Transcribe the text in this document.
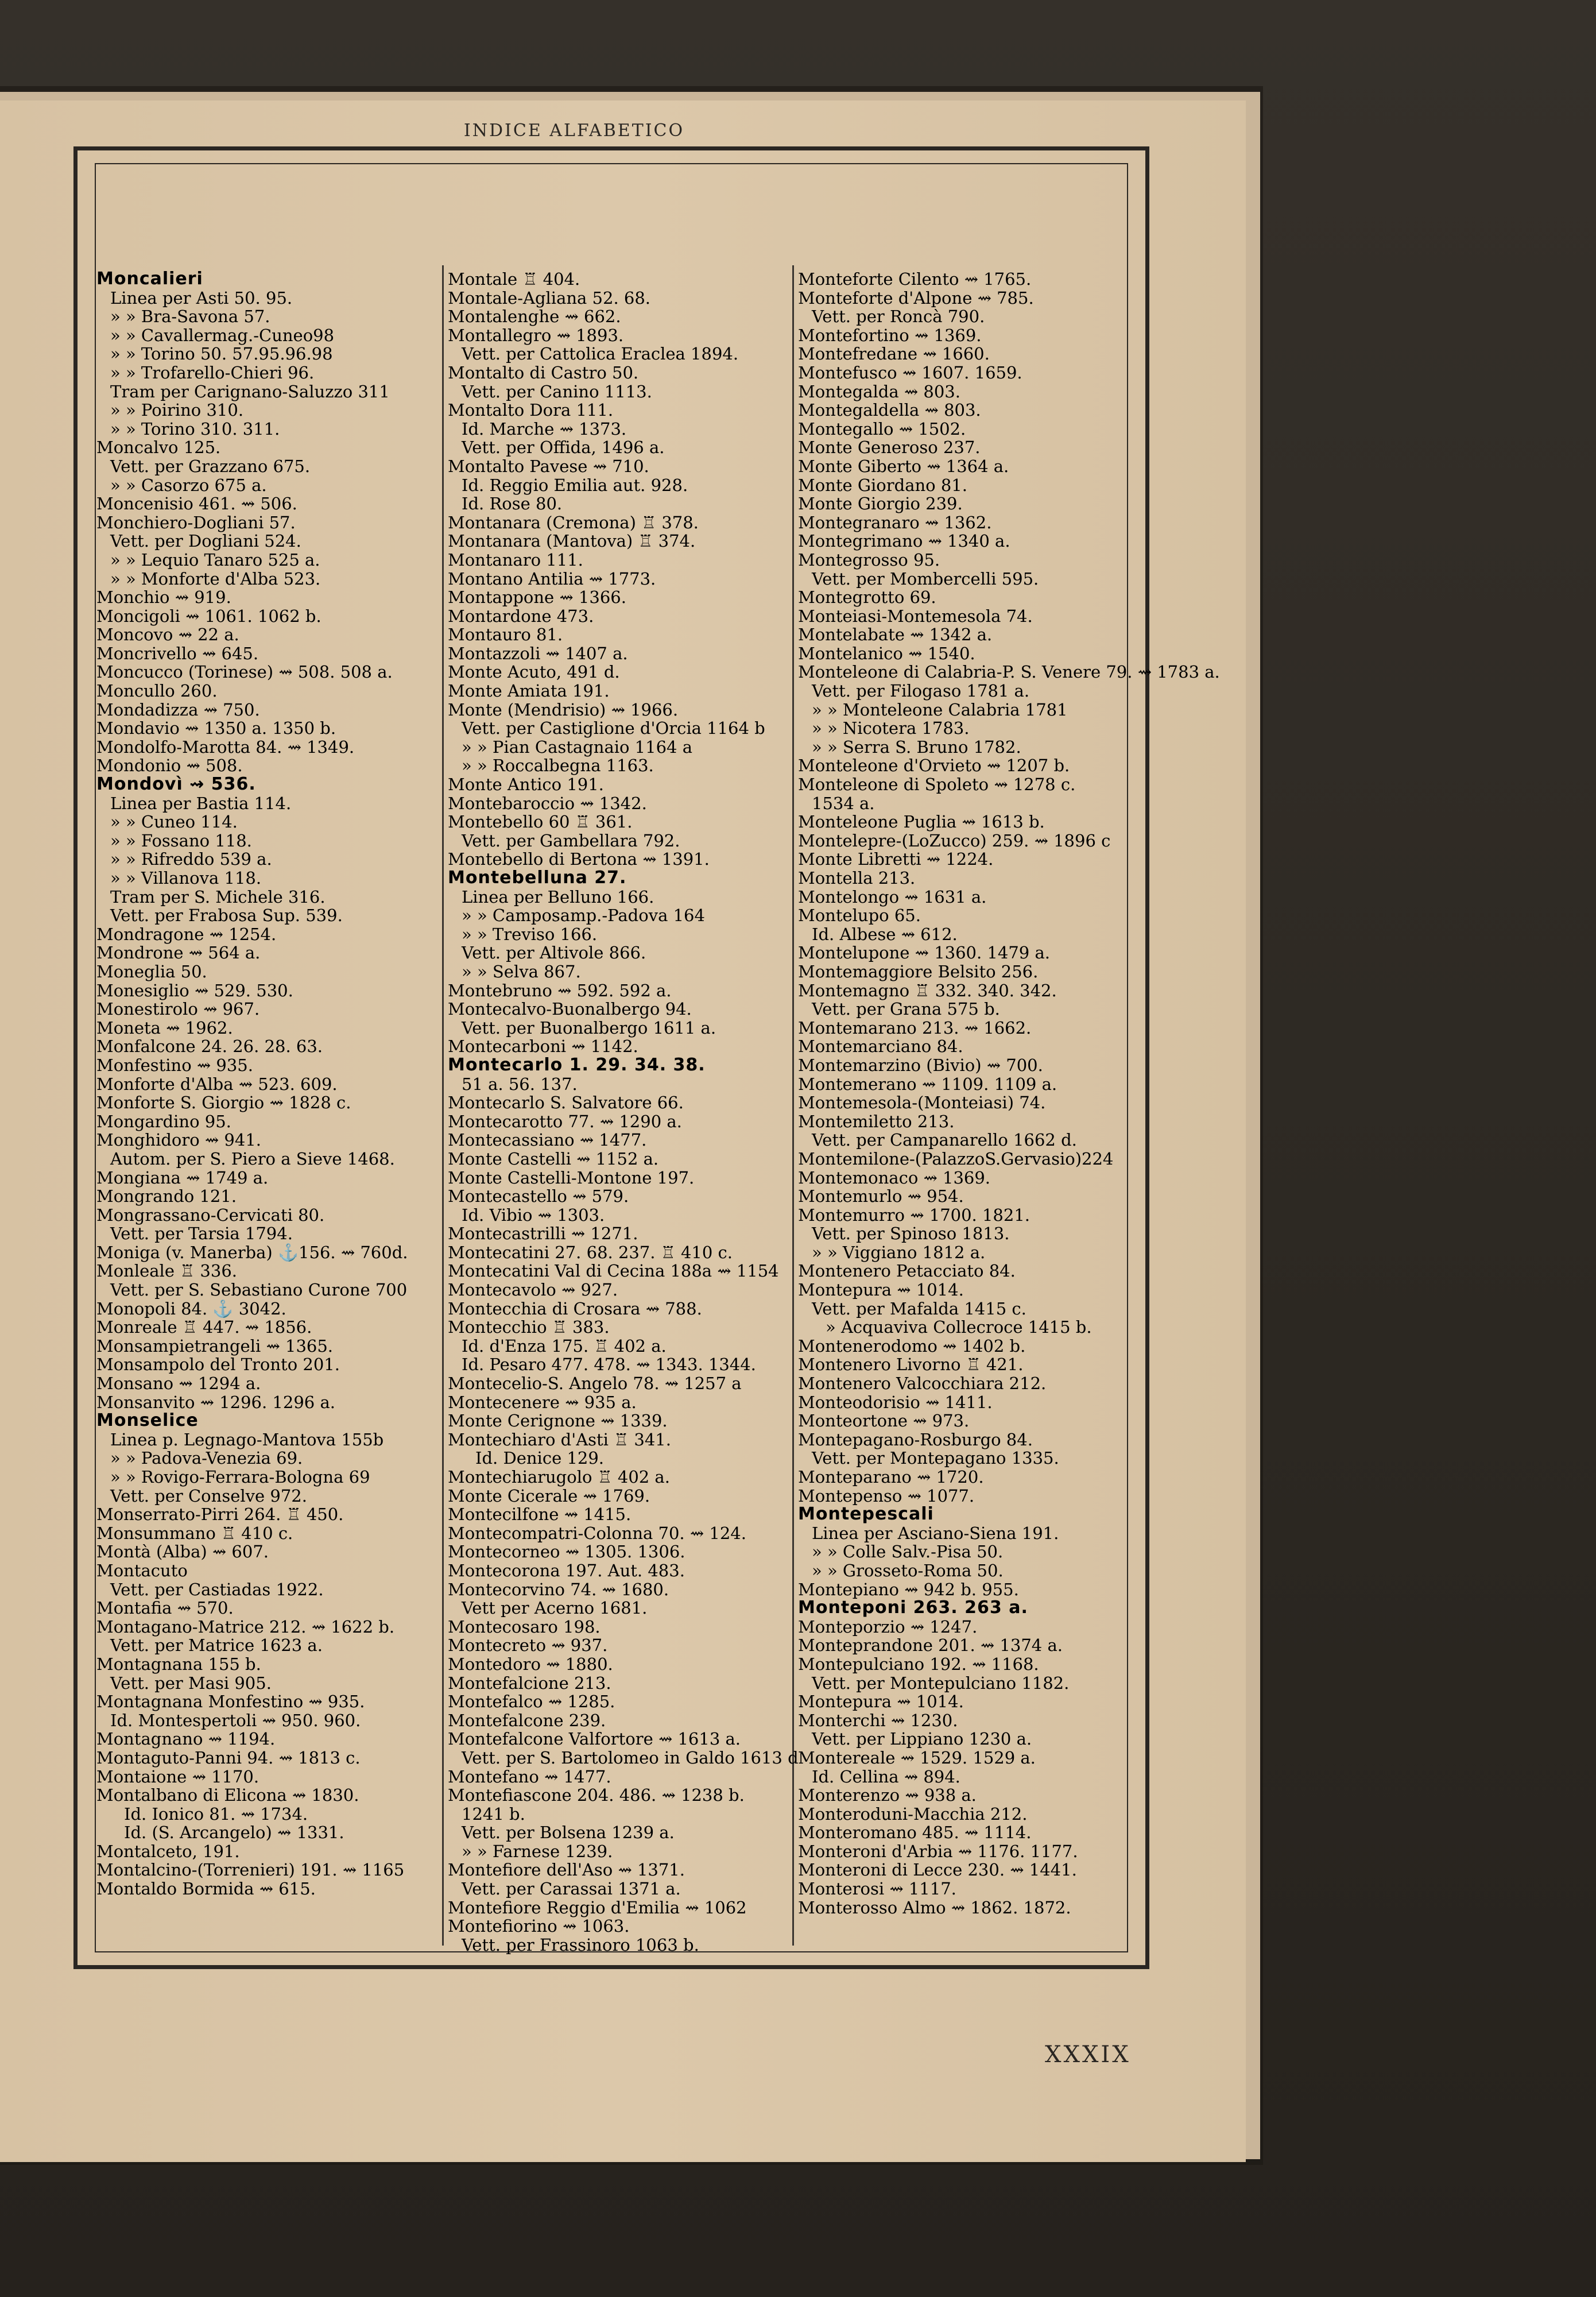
INDICE ALFABETICO
Moncalieri
Linea per Asti 50. 95.
» » Bra-Savona 57.
» » Cavallermag.-Cuneo98
» » Torino 50. 57.95.96.98
» » Trofarello-Chieri 96.
Tram per Carignano-Saluzzo 311
» » Poirino 310.
» » Torino 310. 311.
Moncalvo 125.
Vett. per Grazzano 675.
» » Casorzo 675 a.
Moncenisio 461. ⇝ 506.
Monchiero-Dogliani 57.
Vett. per Dogliani 524.
» » Lequio Tanaro 525 a.
» » Monforte d'Alba 523.
Monchio ⇝ 919.
Moncigoli ⇝ 1061. 1062 b.
Moncovo ⇝ 22 a.
Moncrivello ⇝ 645.
Moncucco (Torinese) ⇝ 508. 508 a.
Moncullo 260.
Mondadizza ⇝ 750.
Mondavio ⇝ 1350 a. 1350 b.
Mondolfo-Marotta 84. ⇝ 1349.
Mondonio ⇝ 508.
Mondovì ⇝ 536.
Linea per Bastia 114.
» » Cuneo 114.
» » Fossano 118.
» » Rifreddo 539 a.
» » Villanova 118.
Tram per S. Michele 316.
Vett. per Frabosa Sup. 539.
Mondragone ⇝ 1254.
Mondrone ⇝ 564 a.
Moneglia 50.
Monesiglio ⇝ 529. 530.
Monestirolo ⇝ 967.
Moneta ⇝ 1962.
Monfalcone 24. 26. 28. 63.
Monfestino ⇝ 935.
Monforte d'Alba ⇝ 523. 609.
Monforte S. Giorgio ⇝ 1828 c.
Mongardino 95.
Monghidoro ⇝ 941.
Autom. per S. Piero a Sieve 1468.
Mongiana ⇝ 1749 a.
Mongrando 121.
Mongrassano-Cervicati 80.
Vett. per Tarsia 1794.
Moniga (v. Manerba) ⚓156. ⇝ 760d.
Monleale ♖ 336.
Vett. per S. Sebastiano Curone 700
Monopoli 84. ⚓ 3042.
Monreale ♖ 447. ⇝ 1856.
Monsampietrangeli ⇝ 1365.
Monsampolo del Tronto 201.
Monsano ⇝ 1294 a.
Monsanvito ⇝ 1296. 1296 a.
Monselice
Linea p. Legnago-Mantova 155b
» » Padova-Venezia 69.
» » Rovigo-Ferrara-Bologna 69
Vett. per Conselve 972.
Monserrato-Pirri 264. ♖ 450.
Monsummano ♖ 410 c.
Montà (Alba) ⇝ 607.
Montacuto
Vett. per Castiadas 1922.
Montafia ⇝ 570.
Montagano-Matrice 212. ⇝ 1622 b.
Vett. per Matrice 1623 a.
Montagnana 155 b.
Vett. per Masi 905.
Montagnana Monfestino ⇝ 935.
Id. Montespertoli ⇝ 950. 960.
Montagnano ⇝ 1194.
Montaguto-Panni 94. ⇝ 1813 c.
Montaione ⇝ 1170.
Montalbano di Elicona ⇝ 1830.
Id. Ionico 81. ⇝ 1734.
Id. (S. Arcangelo) ⇝ 1331.
Montalceto, 191.
Montalcino-(Torrenieri) 191. ⇝ 1165
Montaldo Bormida ⇝ 615.
Montale ♖ 404.
Montale-Agliana 52. 68.
Montalenghe ⇝ 662.
Montallegro ⇝ 1893.
Vett. per Cattolica Eraclea 1894.
Montalto di Castro 50.
Vett. per Canino 1113.
Montalto Dora 111.
Id. Marche ⇝ 1373.
Vett. per Offida, 1496 a.
Montalto Pavese ⇝ 710.
Id. Reggio Emilia aut. 928.
Id. Rose 80.
Montanara (Cremona) ♖ 378.
Montanara (Mantova) ♖ 374.
Montanaro 111.
Montano Antilia ⇝ 1773.
Montappone ⇝ 1366.
Montardone 473.
Montauro 81.
Montazzoli ⇝ 1407 a.
Monte Acuto, 491 d.
Monte Amiata 191.
Monte (Mendrisio) ⇝ 1966.
Vett. per Castiglione d'Orcia 1164 b
» » Pian Castagnaio 1164 a
» » Roccalbegna 1163.
Monte Antico 191.
Montebaroccio ⇝ 1342.
Montebello 60 ♖ 361.
Vett. per Gambellara 792.
Montebello di Bertona ⇝ 1391.
Montebelluna 27.
Linea per Belluno 166.
» » Camposamp.-Padova 164
» » Treviso 166.
Vett. per Altivole 866.
» » Selva 867.
Montebruno ⇝ 592. 592 a.
Montecalvo-Buonalbergo 94.
Vett. per Buonalbergo 1611 a.
Montecarboni ⇝ 1142.
Montecarlo 1. 29. 34. 38.
51 a. 56. 137.
Montecarlo S. Salvatore 66.
Montecarotto 77. ⇝ 1290 a.
Montecassiano ⇝ 1477.
Monte Castelli ⇝ 1152 a.
Monte Castelli-Montone 197.
Montecastello ⇝ 579.
Id. Vibio ⇝ 1303.
Montecastrilli ⇝ 1271.
Montecatini 27. 68. 237. ♖ 410 c.
Montecatini Val di Cecina 188a ⇝ 1154
Montecavolo ⇝ 927.
Montecchia di Crosara ⇝ 788.
Montecchio ♖ 383.
Id. d'Enza 175. ♖ 402 a.
Id. Pesaro 477. 478. ⇝ 1343. 1344.
Montecelio-S. Angelo 78. ⇝ 1257 a
Montecenere ⇝ 935 a.
Monte Cerignone ⇝ 1339.
Montechiaro d'Asti ♖ 341.
Id. Denice 129.
Montechiarugolo ♖ 402 a.
Monte Cicerale ⇝ 1769.
Montecilfone ⇝ 1415.
Montecompatri-Colonna 70. ⇝ 124.
Montecorneo ⇝ 1305. 1306.
Montecorona 197. Aut. 483.
Montecorvino 74. ⇝ 1680.
Vett per Acerno 1681.
Montecosaro 198.
Montecreto ⇝ 937.
Montedoro ⇝ 1880.
Montefalcione 213.
Montefalco ⇝ 1285.
Montefalcone 239.
Montefalcone Valfortore ⇝ 1613 a.
Vett. per S. Bartolomeo in Galdo 1613 d
Montefano ⇝ 1477.
Montefiascone 204. 486. ⇝ 1238 b.
1241 b.
Vett. per Bolsena 1239 a.
» » Farnese 1239.
Montefiore dell'Aso ⇝ 1371.
Vett. per Carassai 1371 a.
Montefiore Reggio d'Emilia ⇝ 1062
Montefiorino ⇝ 1063.
Vett. per Frassinoro 1063 b.
Monteforte Cilento ⇝ 1765.
Monteforte d'Alpone ⇝ 785.
Vett. per Roncà 790.
Montefortino ⇝ 1369.
Montefredane ⇝ 1660.
Montefusco ⇝ 1607. 1659.
Montegalda ⇝ 803.
Montegaldella ⇝ 803.
Montegallo ⇝ 1502.
Monte Generoso 237.
Monte Giberto ⇝ 1364 a.
Monte Giordano 81.
Monte Giorgio 239.
Montegranaro ⇝ 1362.
Montegrimano ⇝ 1340 a.
Montegrosso 95.
Vett. per Mombercelli 595.
Montegrotto 69.
Monteiasi-Montemesola 74.
Montelabate ⇝ 1342 a.
Montelanico ⇝ 1540.
Monteleone di Calabria-P. S. Venere 79. ⇝ 1783 a.
Vett. per Filogaso 1781 a.
» » Monteleone Calabria 1781
» » Nicotera 1783.
» » Serra S. Bruno 1782.
Monteleone d'Orvieto ⇝ 1207 b.
Monteleone di Spoleto ⇝ 1278 c.
1534 a.
Monteleone Puglia ⇝ 1613 b.
Montelepre-(LoZucco) 259. ⇝ 1896 c
Monte Libretti ⇝ 1224.
Montella 213.
Montelongo ⇝ 1631 a.
Montelupo 65.
Id. Albese ⇝ 612.
Montelupone ⇝ 1360. 1479 a.
Montemaggiore Belsito 256.
Montemagno ♖ 332. 340. 342.
Vett. per Grana 575 b.
Montemarano 213. ⇝ 1662.
Montemarciano 84.
Montemarzino (Bivio) ⇝ 700.
Montemerano ⇝ 1109. 1109 a.
Montemesola-(Monteiasi) 74.
Montemiletto 213.
Vett. per Campanarello 1662 d.
Montemilone-(PalazzoS.Gervasio)224
Montemonaco ⇝ 1369.
Montemurlo ⇝ 954.
Montemurro ⇝ 1700. 1821.
Vett. per Spinoso 1813.
» » Viggiano 1812 a.
Montenero Petacciato 84.
Montepura ⇝ 1014.
Vett. per Mafalda 1415 c.
» Acquaviva Collecroce 1415 b.
Montenerodomo ⇝ 1402 b.
Montenero Livorno ♖ 421.
Montenero Valcocchiara 212.
Monteodorisio ⇝ 1411.
Monteortone ⇝ 973.
Montepagano-Rosburgo 84.
Vett. per Montepagano 1335.
Monteparano ⇝ 1720.
Montepenso ⇝ 1077.
Montepescali
Linea per Asciano-Siena 191.
» » Colle Salv.-Pisa 50.
» » Grosseto-Roma 50.
Montepiano ⇝ 942 b. 955.
Monteponi 263. 263 a.
Monteporzio ⇝ 1247.
Monteprandone 201. ⇝ 1374 a.
Montepulciano 192. ⇝ 1168.
Vett. per Montepulciano 1182.
Montepura ⇝ 1014.
Monterchi ⇝ 1230.
Vett. per Lippiano 1230 a.
Montereale ⇝ 1529. 1529 a.
Id. Cellina ⇝ 894.
Monterenzo ⇝ 938 a.
Monteroduni-Macchia 212.
Monteromano 485. ⇝ 1114.
Monteroni d'Arbia ⇝ 1176. 1177.
Monteroni di Lecce 230. ⇝ 1441.
Monterosi ⇝ 1117.
Monterosso Almo ⇝ 1862. 1872.
XXXIX
